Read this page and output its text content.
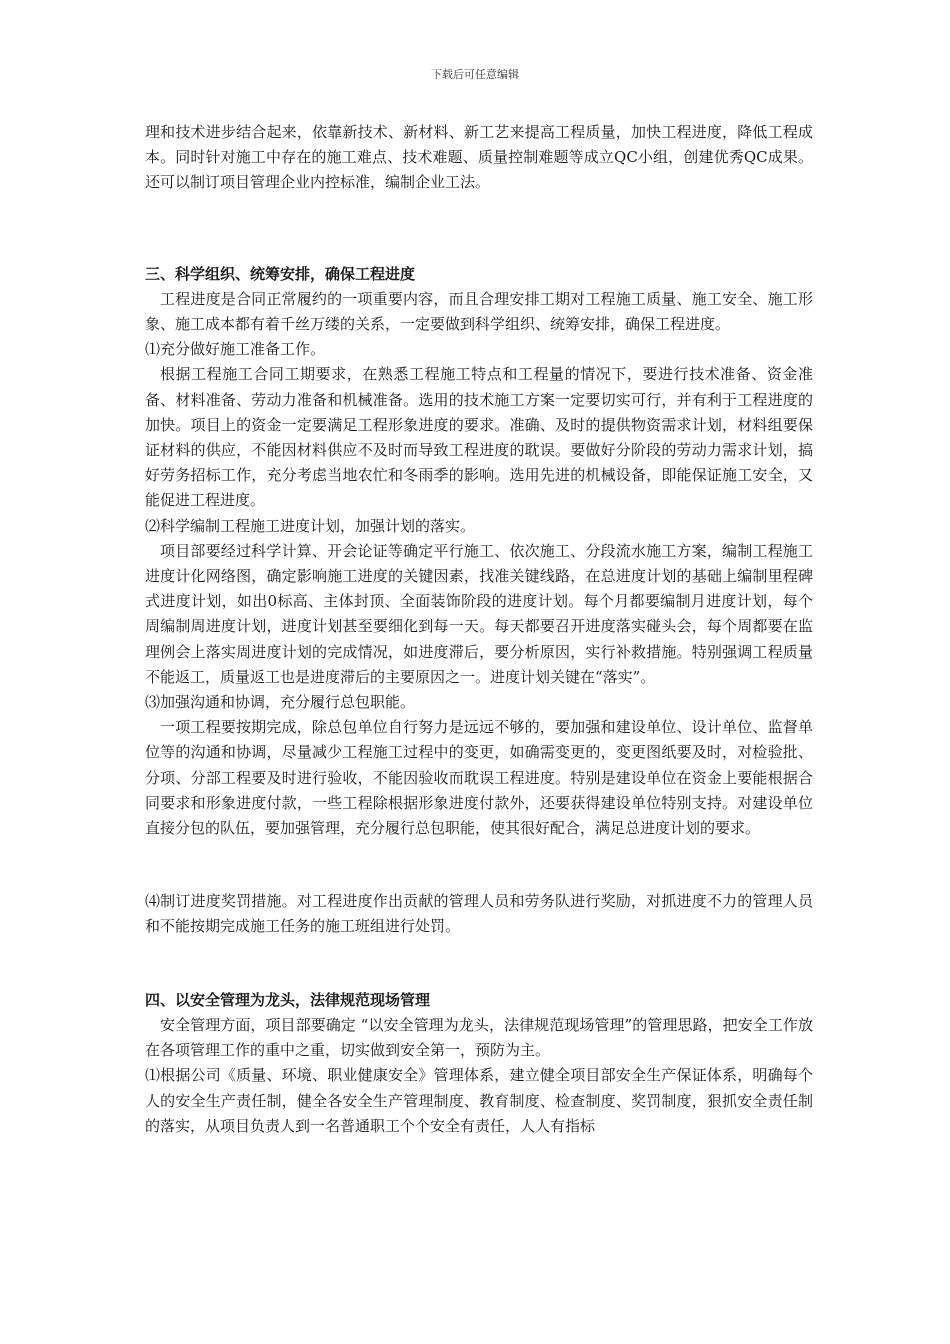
下载后可任意编辑

理和技术进步结合起来，依靠新技术、新材料、新工艺来提高工程质量，加快工程进度，降低工程成本。同时针对施工中存在的施工难点、技术难题、质量控制难题等成立QC小组，创建优秀QC成果。还可以制订项目管理企业内控标准，编制企业工法。

三、科学组织、统筹安排，确保工程进度

工程进度是合同正常履约的一项重要内容，而且合理安排工期对工程施工质量、施工安全、施工形象、施工成本都有着千丝万缕的关系，一定要做到科学组织、统筹安排，确保工程进度。

⑴充分做好施工准备工作。

根据工程施工合同工期要求，在熟悉工程施工特点和工程量的情况下，要进行技术准备、资金准备、材料准备、劳动力准备和机械准备。选用的技术施工方案一定要切实可行，并有利于工程进度的加快。项目上的资金一定要满足工程形象进度的要求。准确、及时的提供物资需求计划，材料组要保证材料的供应，不能因材料供应不及时而导致工程进度的耽误。要做好分阶段的劳动力需求计划，搞好劳务招标工作，充分考虑当地农忙和冬雨季的影响。选用先进的机械设备，即能保证施工安全，又能促进工程进度。

⑵科学编制工程施工进度计划，加强计划的落实。

项目部要经过科学计算、开会论证等确定平行施工、依次施工、分段流水施工方案，编制工程施工进度计化网络图，确定影响施工进度的关键因素，找准关键线路，在总进度计划的基础上编制里程碑式进度计划，如出0标高、主体封顶、全面装饰阶段的进度计划。每个月都要编制月进度计划，每个周编制周进度计划，进度计划甚至要细化到每一天。每天都要召开进度落实碰头会，每个周都要在监理例会上落实周进度计划的完成情况，如进度滞后，要分析原因，实行补救措施。特别强调工程质量不能返工，质量返工也是进度滞后的主要原因之一。进度计划关键在“落实”。

⑶加强沟通和协调，充分履行总包职能。

一项工程要按期完成，除总包单位自行努力是远远不够的，要加强和建设单位、设计单位、监督单位等的沟通和协调，尽量减少工程施工过程中的变更，如确需变更的，变更图纸要及时，对检验批、分项、分部工程要及时进行验收，不能因验收而耽误工程进度。特别是建设单位在资金上要能根据合同要求和形象进度付款，一些工程除根据形象进度付款外，还要获得建设单位特别支持。对建设单位直接分包的队伍，要加强管理，充分履行总包职能，使其很好配合，满足总进度计划的要求。

⑷制订进度奖罚措施。对工程进度作出贡献的管理人员和劳务队进行奖励，对抓进度不力的管理人员和不能按期完成施工任务的施工班组进行处罚。

四、以安全管理为龙头，法律规范现场管理

安全管理方面，项目部要确定 “以安全管理为龙头，法律规范现场管理”的管理思路，把安全工作放在各项管理工作的重中之重，切实做到安全第一，预防为主。

⑴根据公司《质量、环境、职业健康安全》管理体系，建立健全项目部安全生产保证体系，明确每个人的安全生产责任制，健全各安全生产管理制度、教育制度、检查制度、奖罚制度，狠抓安全责任制的落实，从项目负责人到一名普通职工个个安全有责任，人人有指标
